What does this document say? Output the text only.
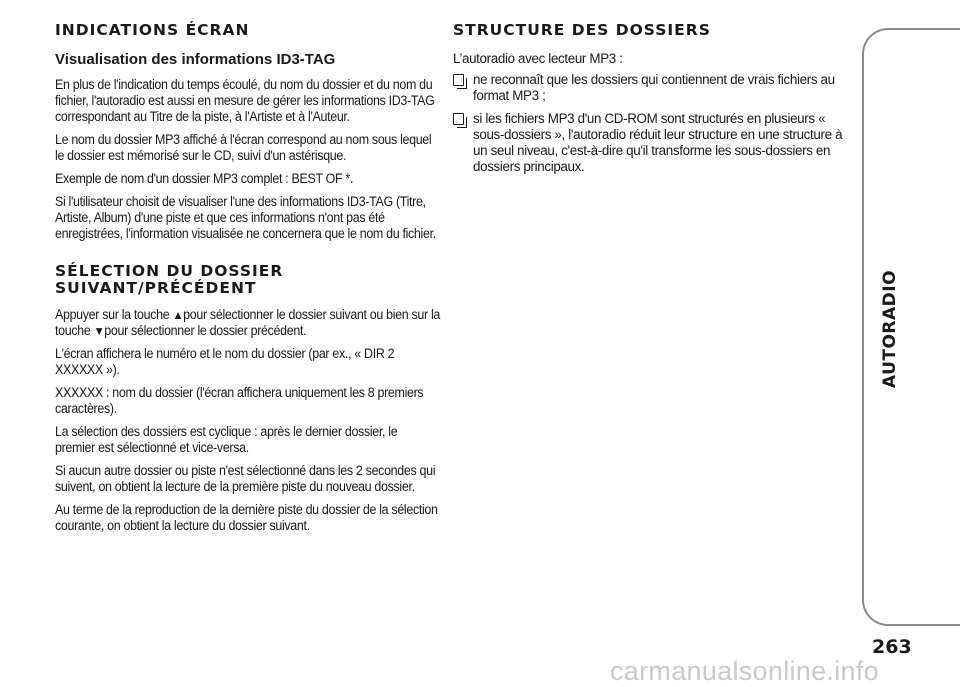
INDICATIONS ÉCRAN
Visualisation des informations ID3-TAG

En plus de l'indication du temps écoulé, du nom du dossier et du nom du fichier, l'autoradio est aussi en mesure de gérer les informations ID3-TAG correspondant au Titre de la piste, à l'Artiste et à l'Auteur.

Le nom du dossier MP3 affiché à l'écran correspond au nom sous lequel le dossier est mémorisé sur le CD, suivi d'un astérisque.

Exemple de nom d'un dossier MP3 complet : BEST OF *.

Si l'utilisateur choisit de visualiser l'une des informations ID3-TAG (Titre, Artiste, Album) d'une piste et que ces informations n'ont pas été enregistrées, l'information visualisée ne concernera que le nom du fichier.

SÉLECTION DU DOSSIER
SUIVANT/PRÉCÉDENT

Appuyer sur la touche ▲pour sélectionner le dossier suivant ou bien sur la touche ▼pour sélectionner le dossier précédent.

L'écran affichera le numéro et le nom du dossier (par ex., « DIR 2 XXXXXX »).

XXXXXX : nom du dossier (l'écran affichera uniquement les 8 premiers caractères).

La sélection des dossiers est cyclique : après le dernier dossier, le premier est sélectionné et vice-versa.

Si aucun autre dossier ou piste n'est sélectionné dans les 2 secondes qui suivent, on obtient la lecture de la première piste du nouveau dossier.

Au terme de la reproduction de la dernière piste du dossier de la sélection courante, on obtient la lecture du dossier suivant.

STRUCTURE DES DOSSIERS

L’autoradio avec lecteur MP3 :

ne reconnaît que les dossiers qui contiennent de vrais fichiers au format MP3 ;
si les fichiers MP3 d'un CD-ROM sont structurés en plusieurs « sous-dossiers », l'autoradio réduit leur structure en une structure à un seul niveau, c'est-à-dire qu'il transforme les sous-dossiers en dossiers principaux.
AUTORADIO
263
carmanualsonline.info
